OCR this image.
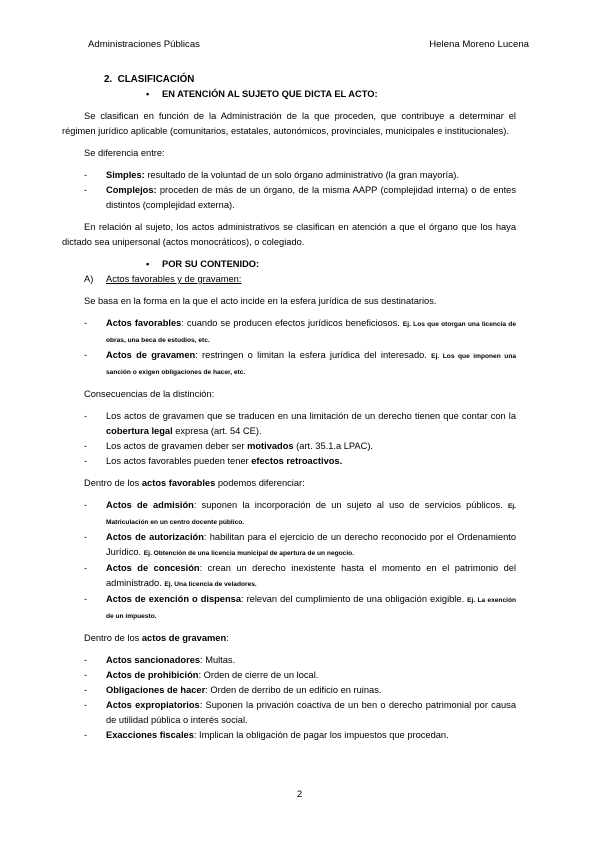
Administraciones Públicas	Helena Moreno Lucena
2. CLASIFICACIÓN
• EN ATENCIÓN AL SUJETO QUE DICTA EL ACTO:

Se clasifican en función de la Administración de la que proceden, que contribuye a determinar el régimen jurídico aplicable (comunitarios, estatales, autonómicos, provinciales, municipales e institucionales).

Se diferencia entre:

- Simples: resultado de la voluntad de un solo órgano administrativo (la gran mayoría).
- Complejos: proceden de más de un órgano, de la misma AAPP (complejidad interna) o de entes distintos (complejidad externa).

En relación al sujeto, los actos administrativos se clasifican en atención a que el órgano que los haya dictado sea unipersonal (actos monocráticos), o colegiado.

• POR SU CONTENIDO:
A) Actos favorables y de gravamen:

Se basa en la forma en la que el acto incide en la esfera jurídica de sus destinatarios.

- Actos favorables: cuando se producen efectos jurídicos beneficiosos. Ej. Los que otorgan una licencia de obras, una beca de estudios, etc.
- Actos de gravamen: restringen o limitan la esfera jurídica del interesado. Ej. Los que imponen una sanción o exigen obligaciones de hacer, etc.

Consecuencias de la distinción:

- Los actos de gravamen que se traducen en una limitación de un derecho tienen que contar con la cobertura legal expresa (art. 54 CE).
- Los actos de gravamen deber ser motivados (art. 35.1.a LPAC).
- Los actos favorables pueden tener efectos retroactivos.

Dentro de los actos favorables podemos diferenciar:

- Actos de admisión: suponen la incorporación de un sujeto al uso de servicios públicos. Ej. Matriculación en un centro docente público.
- Actos de autorización: habilitan para el ejercicio de un derecho reconocido por el Ordenamiento Jurídico. Ej. Obtención de una licencia municipal de apertura de un negocio.
- Actos de concesión: crean un derecho inexistente hasta el momento en el patrimonio del administrado. Ej. Una licencia de veladores.
- Actos de exención o dispensa: relevan del cumplimiento de una obligación exigible. Ej. La exención de un impuesto.

Dentro de los actos de gravamen:

- Actos sancionadores: Multas.
- Actos de prohibición: Orden de cierre de un local.
- Obligaciones de hacer: Orden de derribo de un edificio en ruinas.
- Actos expropiatorios: Suponen la privación coactiva de un ben o derecho patrimonial por causa de utilidad pública o interés social.
- Exacciones fiscales: Implican la obligación de pagar los impuestos que procedan.
2
